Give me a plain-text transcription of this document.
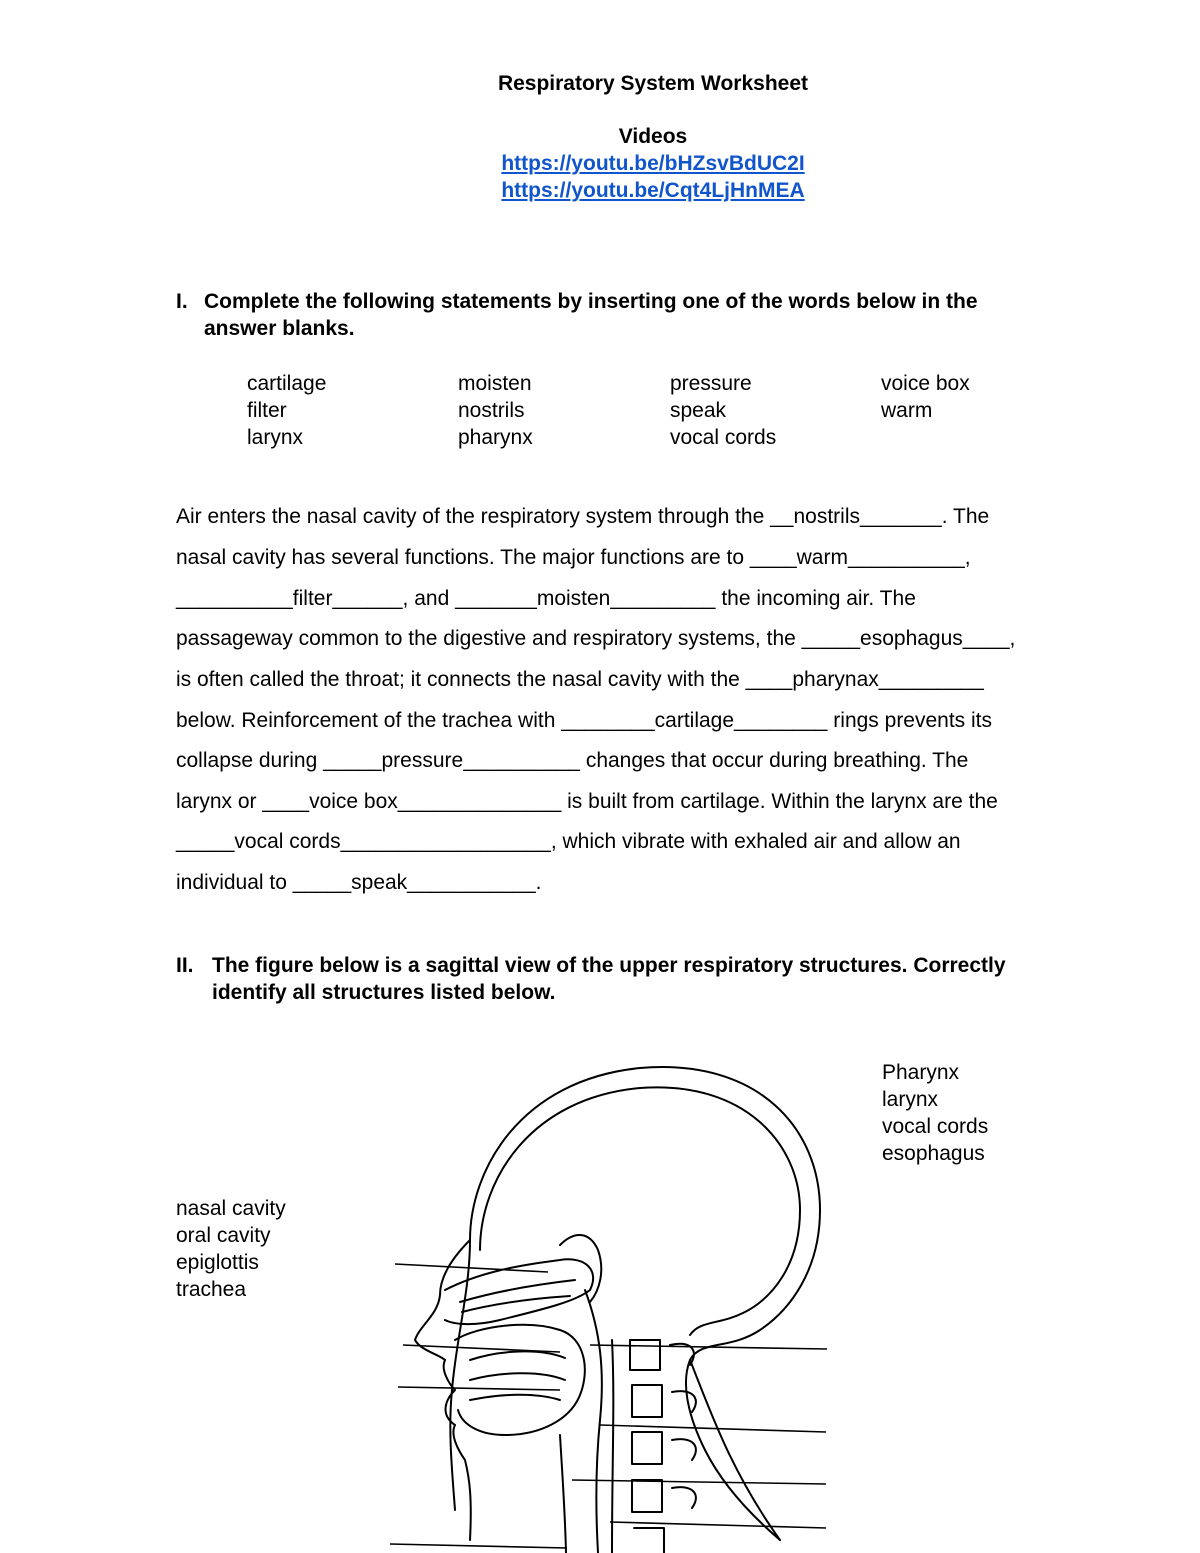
Respiratory System Worksheet
Videos
https://youtu.be/bHZsvBdUC2I
https://youtu.be/Cqt4LjHnMEA
I. Complete the following statements by inserting one of the words below in the
answer blanks.
cartilage
filter
larynx
moisten
nostrils
pharynx
pressure
speak
vocal cords
voice box
warm
Air enters the nasal cavity of the respiratory system through the __nostrils_______. The
nasal cavity has several functions. The major functions are to ____warm__________,
__________filter______, and _______moisten_________ the incoming air. The
passageway common to the digestive and respiratory systems, the _____esophagus____,
is often called the throat; it connects the nasal cavity with the ____pharynax_________
below. Reinforcement of the trachea with ________cartilage________ rings prevents its
collapse during _____pressure__________ changes that occur during breathing. The
larynx or ____voice box______________ is built from cartilage. Within the larynx are the
_____vocal cords__________________, which vibrate with exhaled air and allow an
individual to _____speak___________.
II. The figure below is a sagittal view of the upper respiratory structures. Correctly
identify all structures listed below.
Pharynx
larynx
vocal cords
esophagus
nasal cavity
oral cavity
epiglottis
trachea
